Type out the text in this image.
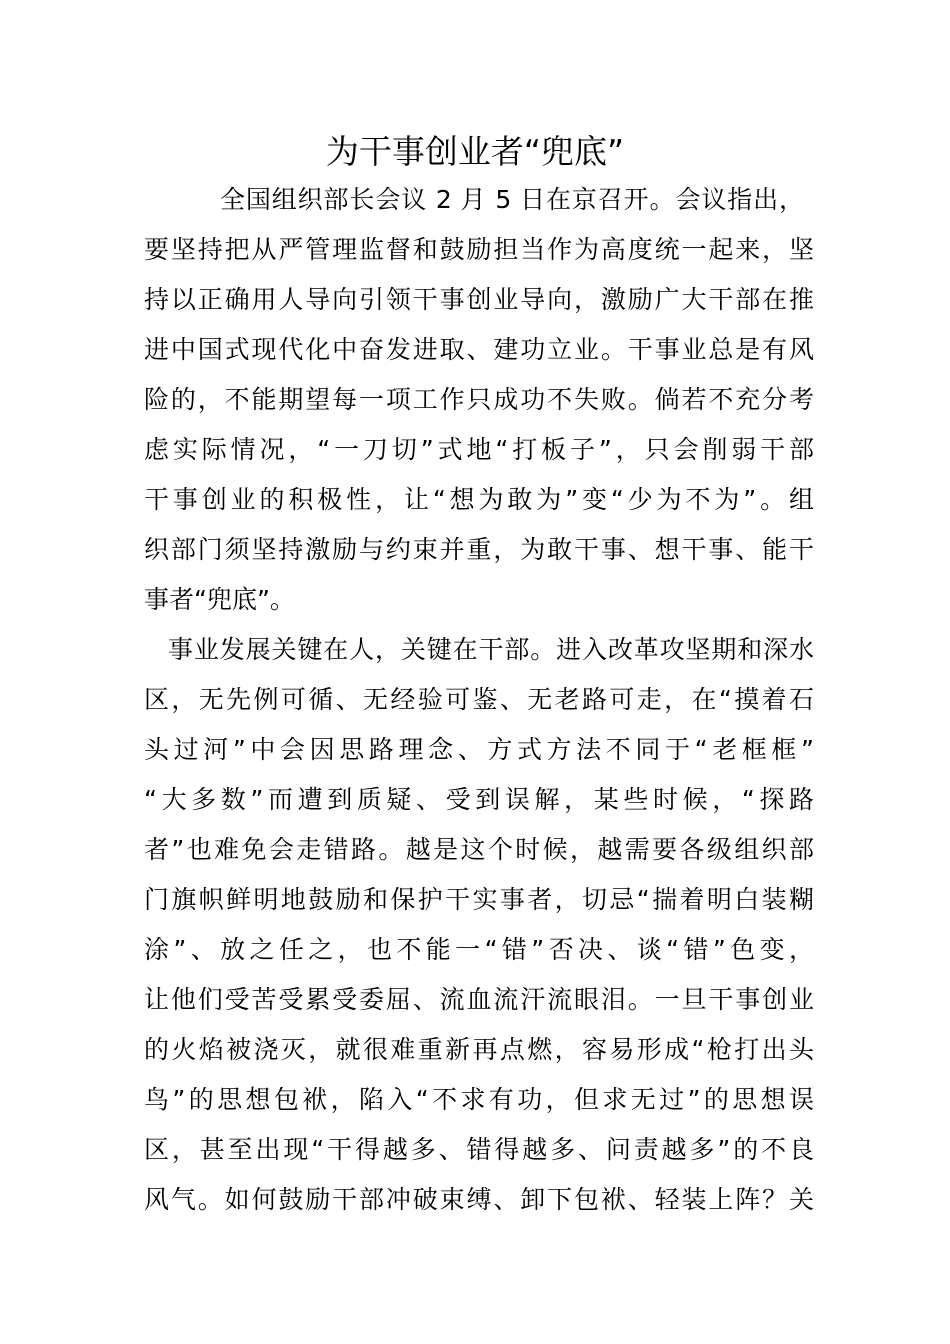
为干事创业者“兜底”
全国组织部长会议 2 月 5 日在京召开。会议指出，
要坚持把从严管理监督和鼓励担当作为高度统一起来，坚
持以正确用人导向引领干事创业导向，激励广大干部在推
进中国式现代化中奋发进取、建功立业。干事业总是有风
险的，不能期望每一项工作只成功不失败。倘若不充分考
虑实际情况，“一刀切”式地“打板子”，只会削弱干部
干事创业的积极性，让“想为敢为”变“少为不为”。组
织部门须坚持激励与约束并重，为敢干事、想干事、能干
事者“兜底”。
事业发展关键在人，关键在干部。进入改革攻坚期和深水
区，无先例可循、无经验可鉴、无老路可走，在“摸着石
头过河”中会因思路理念、方式方法不同于“老框框”
“大多数”而遭到质疑、受到误解，某些时候，“探路
者”也难免会走错路。越是这个时候，越需要各级组织部
门旗帜鲜明地鼓励和保护干实事者，切忌“揣着明白装糊
涂”、放之任之，也不能一“错”否决、谈“错”色变，
让他们受苦受累受委屈、流血流汗流眼泪。一旦干事创业
的火焰被浇灭，就很难重新再点燃，容易形成“枪打出头
鸟”的思想包袱，陷入“不求有功，但求无过”的思想误
区，甚至出现“干得越多、错得越多、问责越多”的不良
风气。如何鼓励干部冲破束缚、卸下包袱、轻装上阵？关
